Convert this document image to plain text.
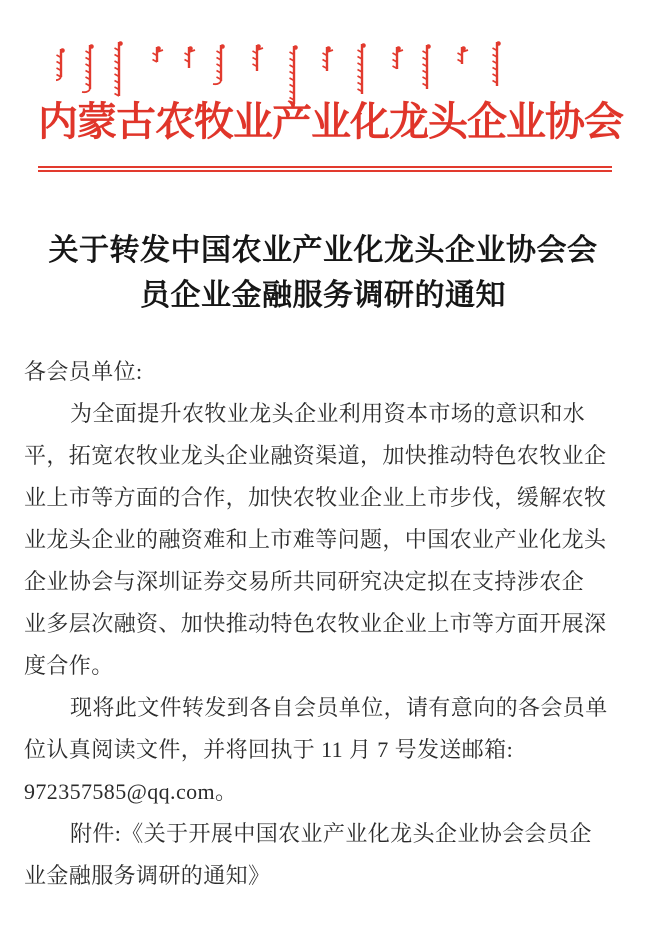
内蒙古农牧业产业化龙头企业协会
关于转发中国农业产业化龙头企业协会会
员企业金融服务调研的通知
各会员单位:
为全面提升农牧业龙头企业利用资本市场的意识和水
平，拓宽农牧业龙头企业融资渠道，加快推动特色农牧业企
业上市等方面的合作，加快农牧业企业上市步伐，缓解农牧
业龙头企业的融资难和上市难等问题，中国农业产业化龙头
企业协会与深圳证券交易所共同研究决定拟在支持涉农企
业多层次融资、加快推动特色农牧业企业上市等方面开展深
度合作。
现将此文件转发到各自会员单位，请有意向的各会员单
位认真阅读文件，并将回执于 11 月 7 号发送邮箱:
972357585@qq.com。
附件:《关于开展中国农业产业化龙头企业协会会员企
业金融服务调研的通知》
